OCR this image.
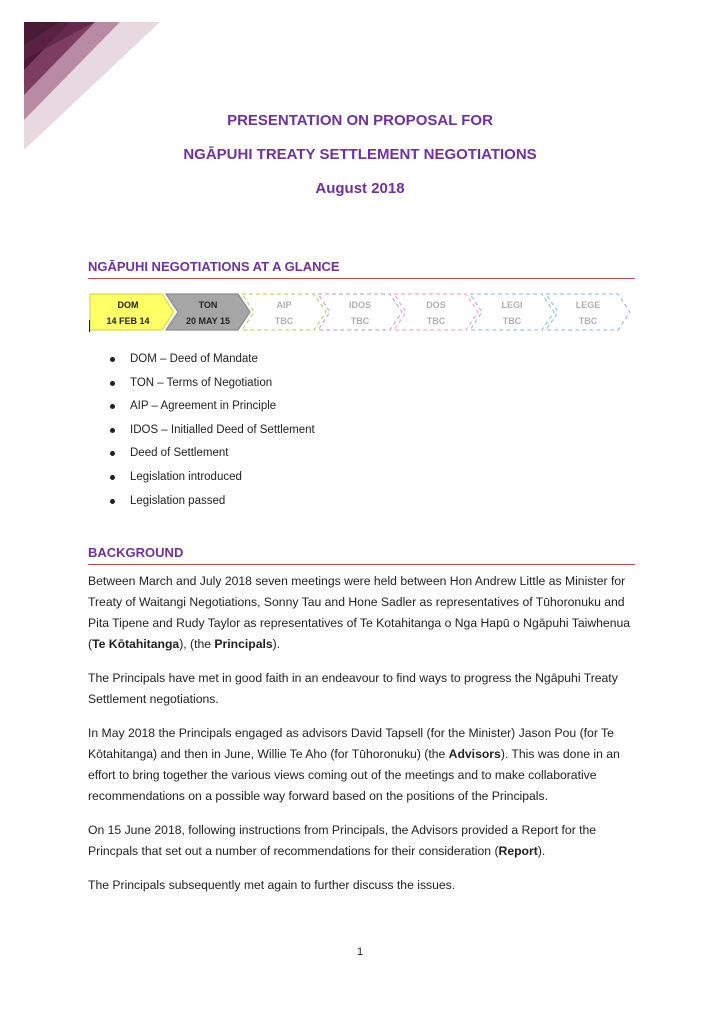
PRESENTATION ON PROPOSAL FOR
NGĀPUHI TREATY SETTLEMENT NEGOTIATIONS
August 2018
NGĀPUHI NEGOTIATIONS AT A GLANCE
DOM
14 FEB 14
TON
20 MAY 15
AIP
TBC
IDOS
TBC
DOS
TBC
LEGI
TBC
LEGE
TBC
DOM – Deed of Mandate
TON – Terms of Negotiation
AIP – Agreement in Principle
IDOS – Initialled Deed of Settlement
Deed of Settlement
Legislation introduced
Legislation passed
BACKGROUND

Between March and July 2018 seven meetings were held between Hon Andrew Little as Minister for Treaty of Waitangi Negotiations, Sonny Tau and Hone Sadler as representatives of Tūhoronuku and Pita Tipene and Rudy Taylor as representatives of Te Kotahitanga o Nga Hapū o Ngāpuhi Taiwhenua (Te Kōtahitanga), (the Principals).

The Principals have met in good faith in an endeavour to find ways to progress the Ngāpuhi Treaty Settlement negotiations.

In May 2018 the Principals engaged as advisors David Tapsell (for the Minister) Jason Pou (for Te Kōtahitanga) and then in June, Willie Te Aho (for Tūhoronuku) (the Advisors). This was done in an effort to bring together the various views coming out of the meetings and to make collaborative recommendations on a possible way forward based on the positions of the Principals.

On 15 June 2018, following instructions from Principals, the Advisors provided a Report for the Princpals that set out a number of recommendations for their consideration (Report).

The Principals subsequently met again to further discuss the issues.

1
